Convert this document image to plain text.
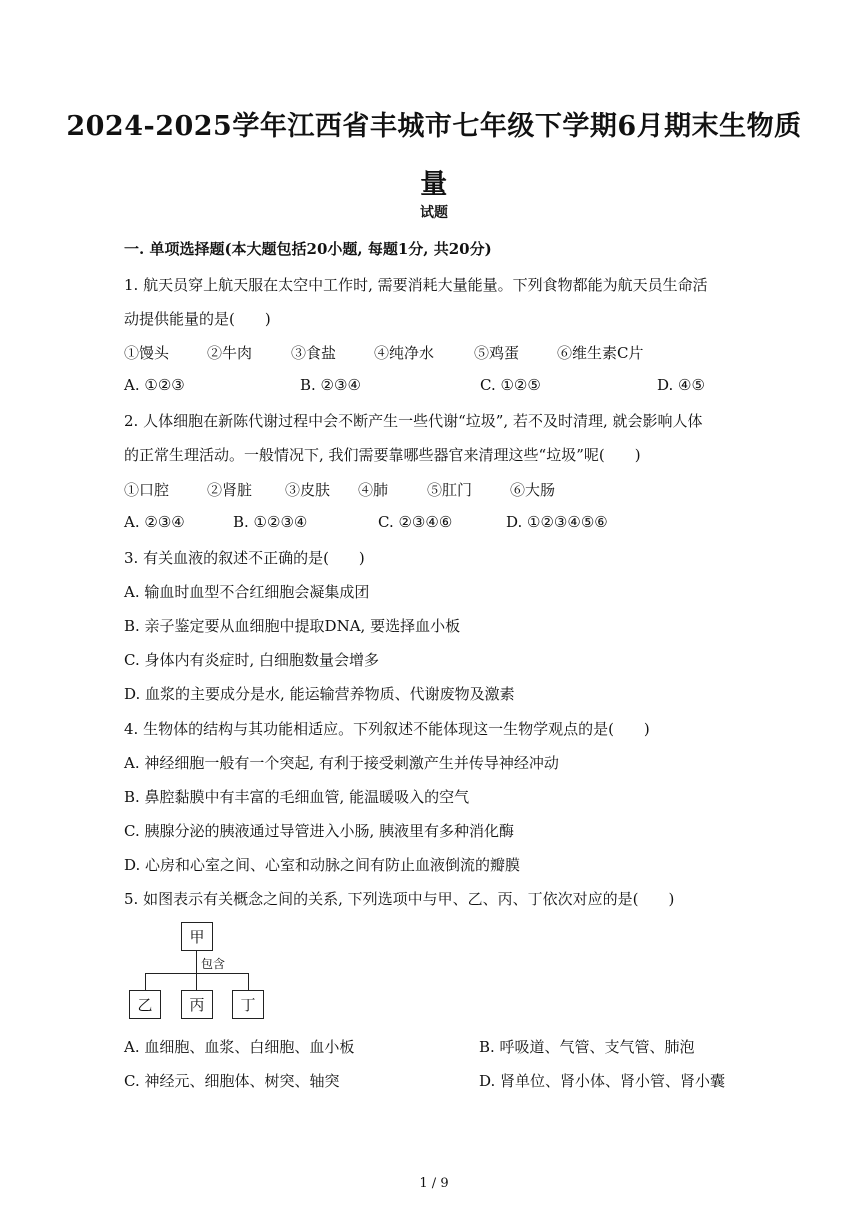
2024-2025学年江西省丰城市七年级下学期6月期末生物质量
试题
一. 单项选择题(本大题包括20小题, 每题1分, 共20分)
1. 航天员穿上航天服在太空中工作时, 需要消耗大量能量。下列食物都能为航天员生命活
动提供能量的是(　　)
①馒头	②牛肉	③食盐	④纯净水	⑤鸡蛋	⑥维生素C片
A. ①②③	B. ②③④	C. ①②⑤	D. ④⑤
2. 人体细胞在新陈代谢过程中会不断产生一些代谢“垃圾”, 若不及时清理, 就会影响人体
的正常生理活动。一般情况下, 我们需要靠哪些器官来清理这些“垃圾”呢(　　)
①口腔	②肾脏 ③皮肤 ④肺	⑤肛门	⑥大肠
A. ②③④	B. ①②③④	C. ②③④⑥	D. ①②③④⑤⑥
3. 有关血液的叙述不正确的是(　　)
A. 输血时血型不合红细胞会凝集成团
B. 亲子鉴定要从血细胞中提取DNA, 要选择血小板
C. 身体内有炎症时, 白细胞数量会增多
D. 血浆的主要成分是水, 能运输营养物质、代谢废物及激素
4. 生物体的结构与其功能相适应。下列叙述不能体现这一生物学观点的是(　　)
A. 神经细胞一般有一个突起, 有利于接受刺激产生并传导神经冲动
B. 鼻腔黏膜中有丰富的毛细血管, 能温暖吸入的空气
C. 胰腺分泌的胰液通过导管进入小肠, 胰液里有多种消化酶
D. 心房和心室之间、心室和动脉之间有防止血液倒流的瓣膜
5. 如图表示有关概念之间的关系, 下列选项中与甲、乙、丙、丁依次对应的是(　　)
甲
包含
乙	丙	丁
A. 血细胞、血浆、白细胞、血小板	B. 呼吸道、气管、支气管、肺泡
C. 神经元、细胞体、树突、轴突	D. 肾单位、肾小体、肾小管、肾小囊
1 / 9
